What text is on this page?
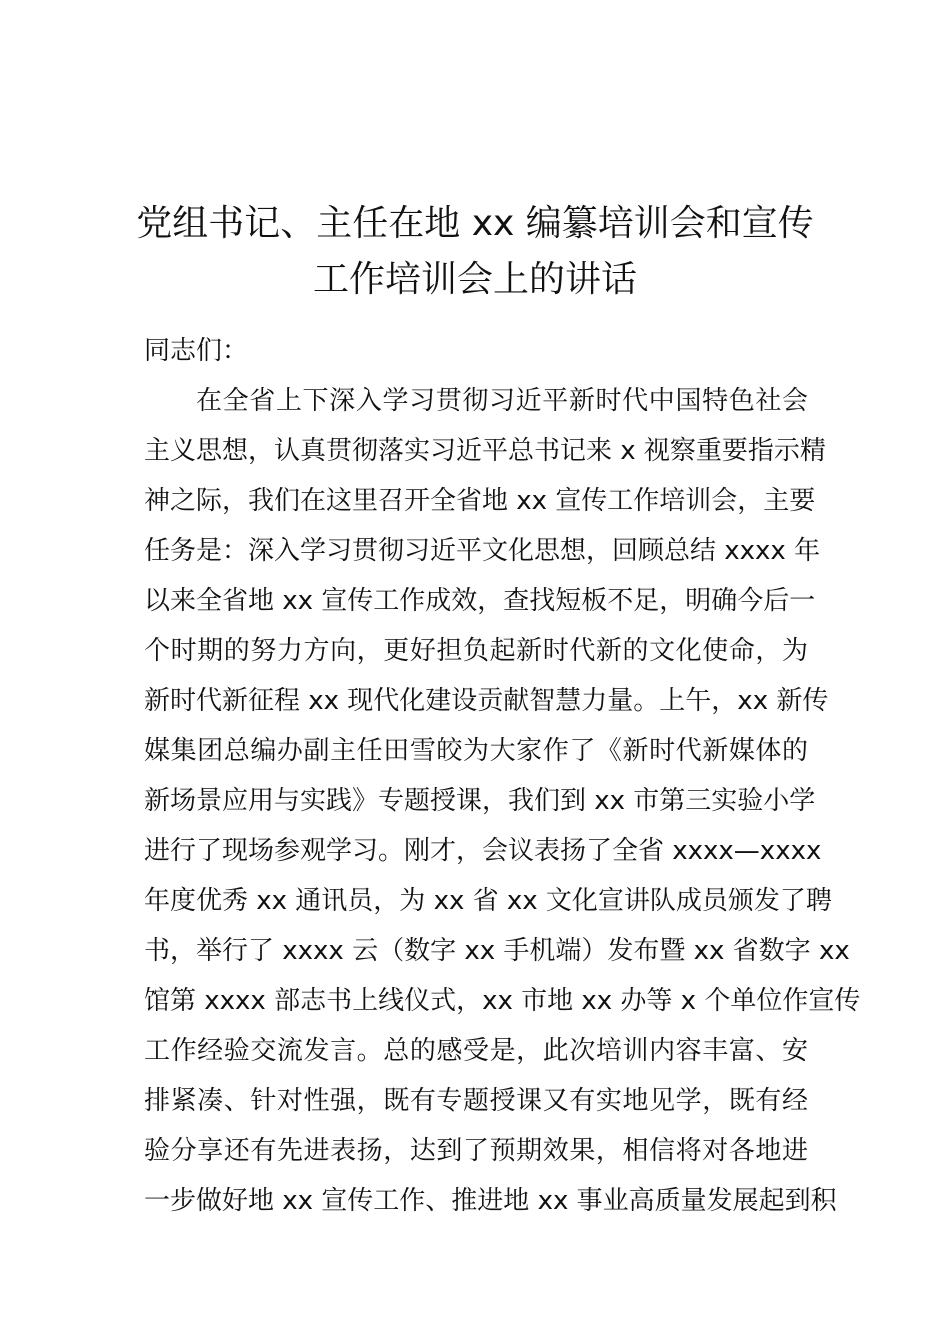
党组书记、主任在地 xx 编纂培训会和宣传
工作培训会上的讲话
同志们：
在全省上下深入学习贯彻习近平新时代中国特色社会
主义思想，认真贯彻落实习近平总书记来 x 视察重要指示精
神之际，我们在这里召开全省地 xx 宣传工作培训会，主要
任务是：深入学习贯彻习近平文化思想，回顾总结 xxxx 年
以来全省地 xx 宣传工作成效，查找短板不足，明确今后一
个时期的努力方向，更好担负起新时代新的文化使命，为
新时代新征程 xx 现代化建设贡献智慧力量。上午，xx 新传
媒集团总编办副主任田雪皎为大家作了《新时代新媒体的
新场景应用与实践》专题授课，我们到 xx 市第三实验小学
进行了现场参观学习。刚才，会议表扬了全省 xxxx—xxxx
年度优秀 xx 通讯员，为 xx 省 xx 文化宣讲队成员颁发了聘
书，举行了 xxxx 云（数字 xx 手机端）发布暨 xx 省数字 xx
馆第 xxxx 部志书上线仪式，xx 市地 xx 办等 x 个单位作宣传
工作经验交流发言。总的感受是，此次培训内容丰富、安
排紧凑、针对性强，既有专题授课又有实地见学，既有经
验分享还有先进表扬，达到了预期效果，相信将对各地进
一步做好地 xx 宣传工作、推进地 xx 事业高质量发展起到积
